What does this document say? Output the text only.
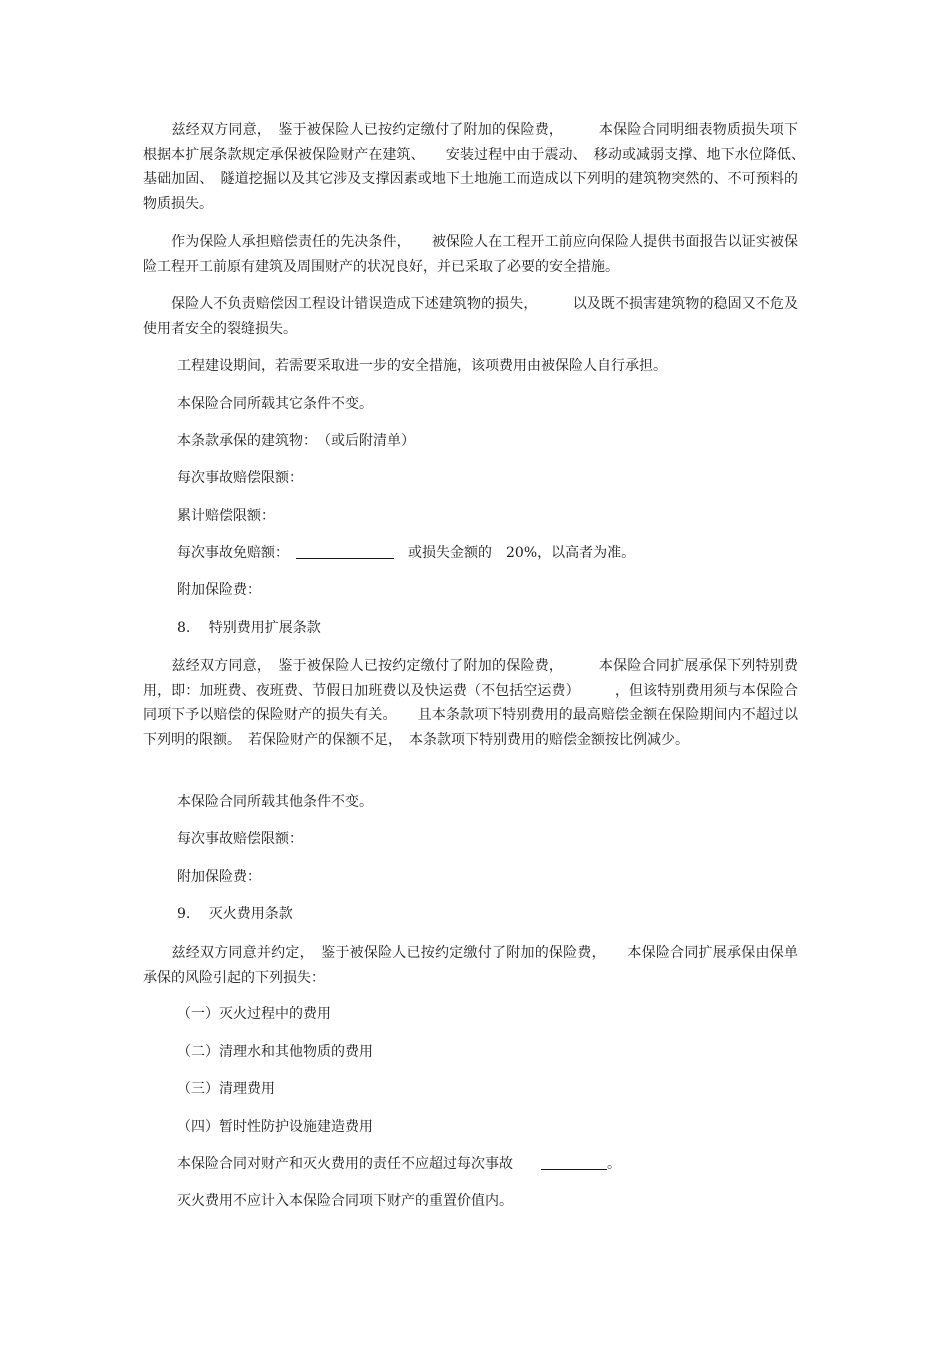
　　兹经双方同意，　鉴于被保险人已按约定缴付了附加的保险费，　　　本保险合同明细表物质损失项下根据本扩展条款规定承保被保险财产在建筑、　　安装过程中由于震动、　移动或减弱支撑、地下水位降低、　基础加固、　隧道挖掘以及其它涉及支撑因素或地下土地施工而造成以下列明的建筑物突然的、不可预料的物质损失。

　　作为保险人承担赔偿责任的先决条件，　　被保险人在工程开工前应向保险人提供书面报告以证实被保险工程开工前原有建筑及周围财产的状况良好，并已采取了必要的安全措施。

　　保险人不负责赔偿因工程设计错误造成下述建筑物的损失，　　　以及既不损害建筑物的稳固又不危及使用者安全的裂缝损失。

工程建设期间，若需要采取进一步的安全措施，该项费用由被保险人自行承担。

本保险合同所载其它条件不变。

本条款承保的建筑物：　（或后附清单）

每次事故赔偿限额：

累计赔偿限额：

每次事故免赔额：　	　或损失金额的　20%，以高者为准。

附加保险费：

8.　 特别费用扩展条款

　　兹经双方同意，　鉴于被保险人已按约定缴付了附加的保险费，　　　本保险合同扩展承保下列特别费用，即：加班费、夜班费、节假日加班费以及快运费（不包括空运费）　　　，但该特别费用须与本保险合同项下予以赔偿的保险财产的损失有关。　　且本条款项下特别费用的最高赔偿金额在保险期间内不超过以下列明的限额。　若保险财产的保额不足，　本条款项下特别费用的赔偿金额按比例减少。

本保险合同所载其他条件不变。

每次事故赔偿限额：

附加保险费：

9.　 灭火费用条款

　　兹经双方同意并约定，　鉴于被保险人已按约定缴付了附加的保险费，　　本保险合同扩展承保由保单承保的风险引起的下列损失：

（一）灭火过程中的费用

（二）清理水和其他物质的费用

（三）清理费用

（四）暂时性防护设施建造费用

本保险合同对财产和灭火费用的责任不应超过每次事故　　	。

灭火费用不应计入本保险合同项下财产的重置价值内。
